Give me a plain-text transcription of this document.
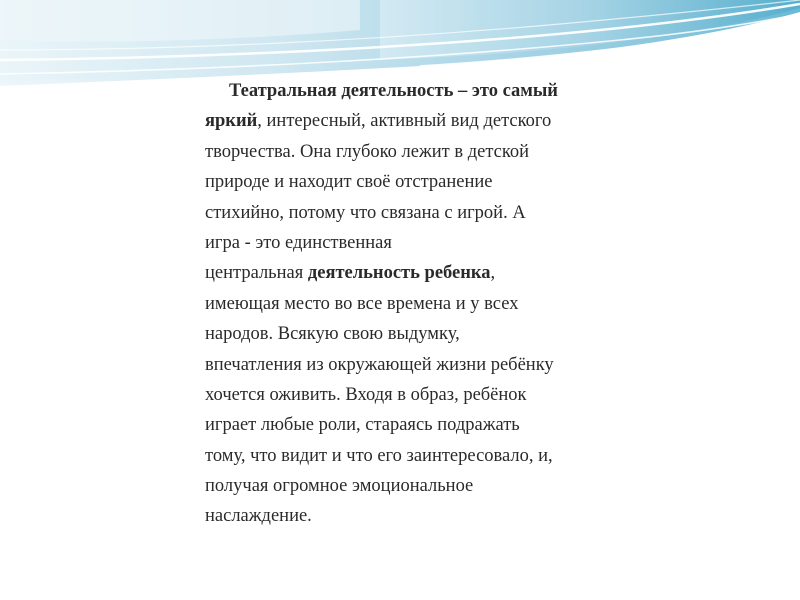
Театральная деятельность – это самый
яркий, интересный, активный вид детского
творчества. Она глубоко лежит в детской
природе и находит своё отстранение
стихийно, потому что связана с игрой. А
игра - это единственная
центральная деятельность ребенка,
имеющая место во все времена и у всех
народов. Всякую свою выдумку,
впечатления из окружающей жизни ребёнку
хочется оживить. Входя в образ, ребёнок
играет любые роли, стараясь подражать
тому, что видит и что его заинтересовало, и,
получая огромное эмоциональное
наслаждение.
